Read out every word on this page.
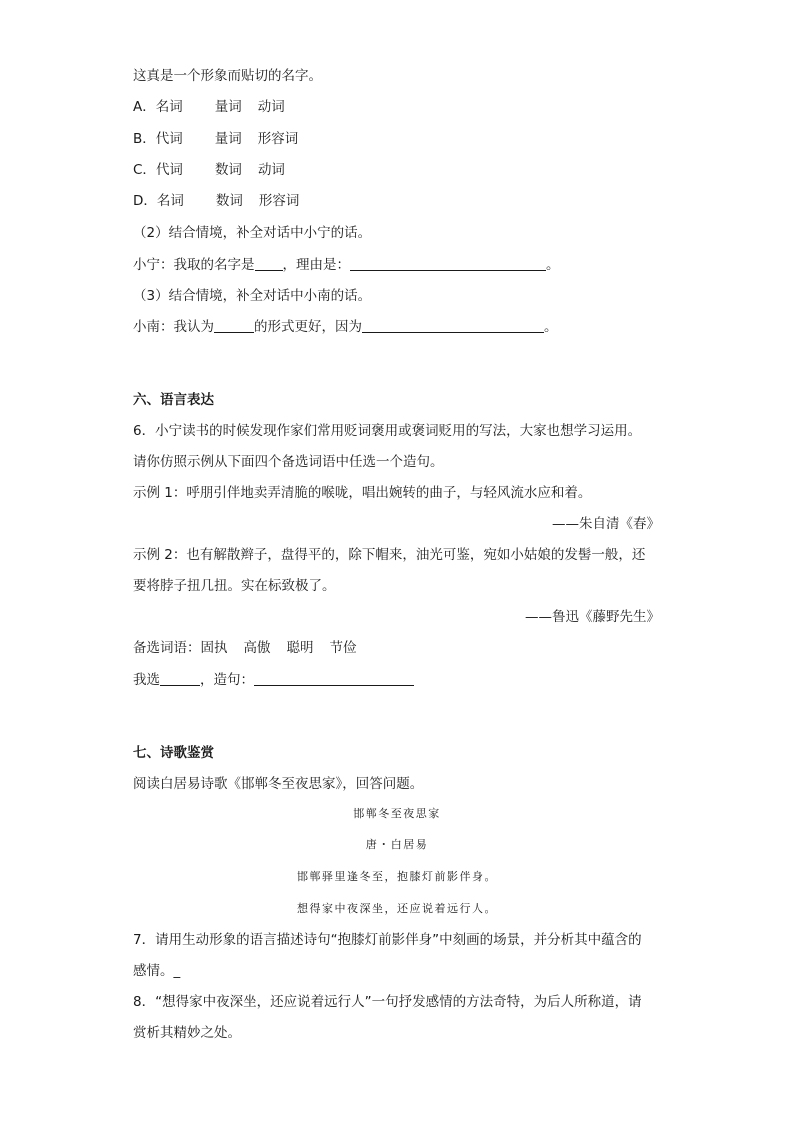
这真是一个形象而贴切的名字。
A．名词 量词 动词
B．代词 量词 形容词
C．代词 数词 动词
D．名词 数词 形容词
（2）结合情境，补全对话中小宁的话。
小宁：我取的名字是 ，理由是：	。
（3）结合情境，补全对话中小南的话。
小南：我认为	的形式更好，因为	。
六、语言表达
6．小宁读书的时候发现作家们常用贬词褒用或褒词贬用的写法，大家也想学习运用。
请你仿照示例从下面四个备选词语中任选一个造句。
示例 1：呼朋引伴地卖弄清脆的喉咙，唱出婉转的曲子，与轻风流水应和着。
——朱自清《春》
示例 2：也有解散辫子，盘得平的，除下帽来，油光可鉴，宛如小姑娘的发髻一般，还
要将脖子扭几扭。实在标致极了。
——鲁迅《藤野先生》
备选词语：固执 高傲 聪明 节俭
我选	，造句：
七、诗歌鉴赏
阅读白居易诗歌《邯郸冬至夜思家》，回答问题。
邯郸冬至夜思家
唐・白居易
邯郸驿里逢冬至，抱膝灯前影伴身。
想得家中夜深坐，还应说着远行人。
7．请用生动形象的语言描述诗句“抱膝灯前影伴身”中刻画的场景，并分析其中蕴含的
感情。_
8．“想得家中夜深坐，还应说着远行人”一句抒发感情的方法奇特，为后人所称道，请
赏析其精妙之处。
